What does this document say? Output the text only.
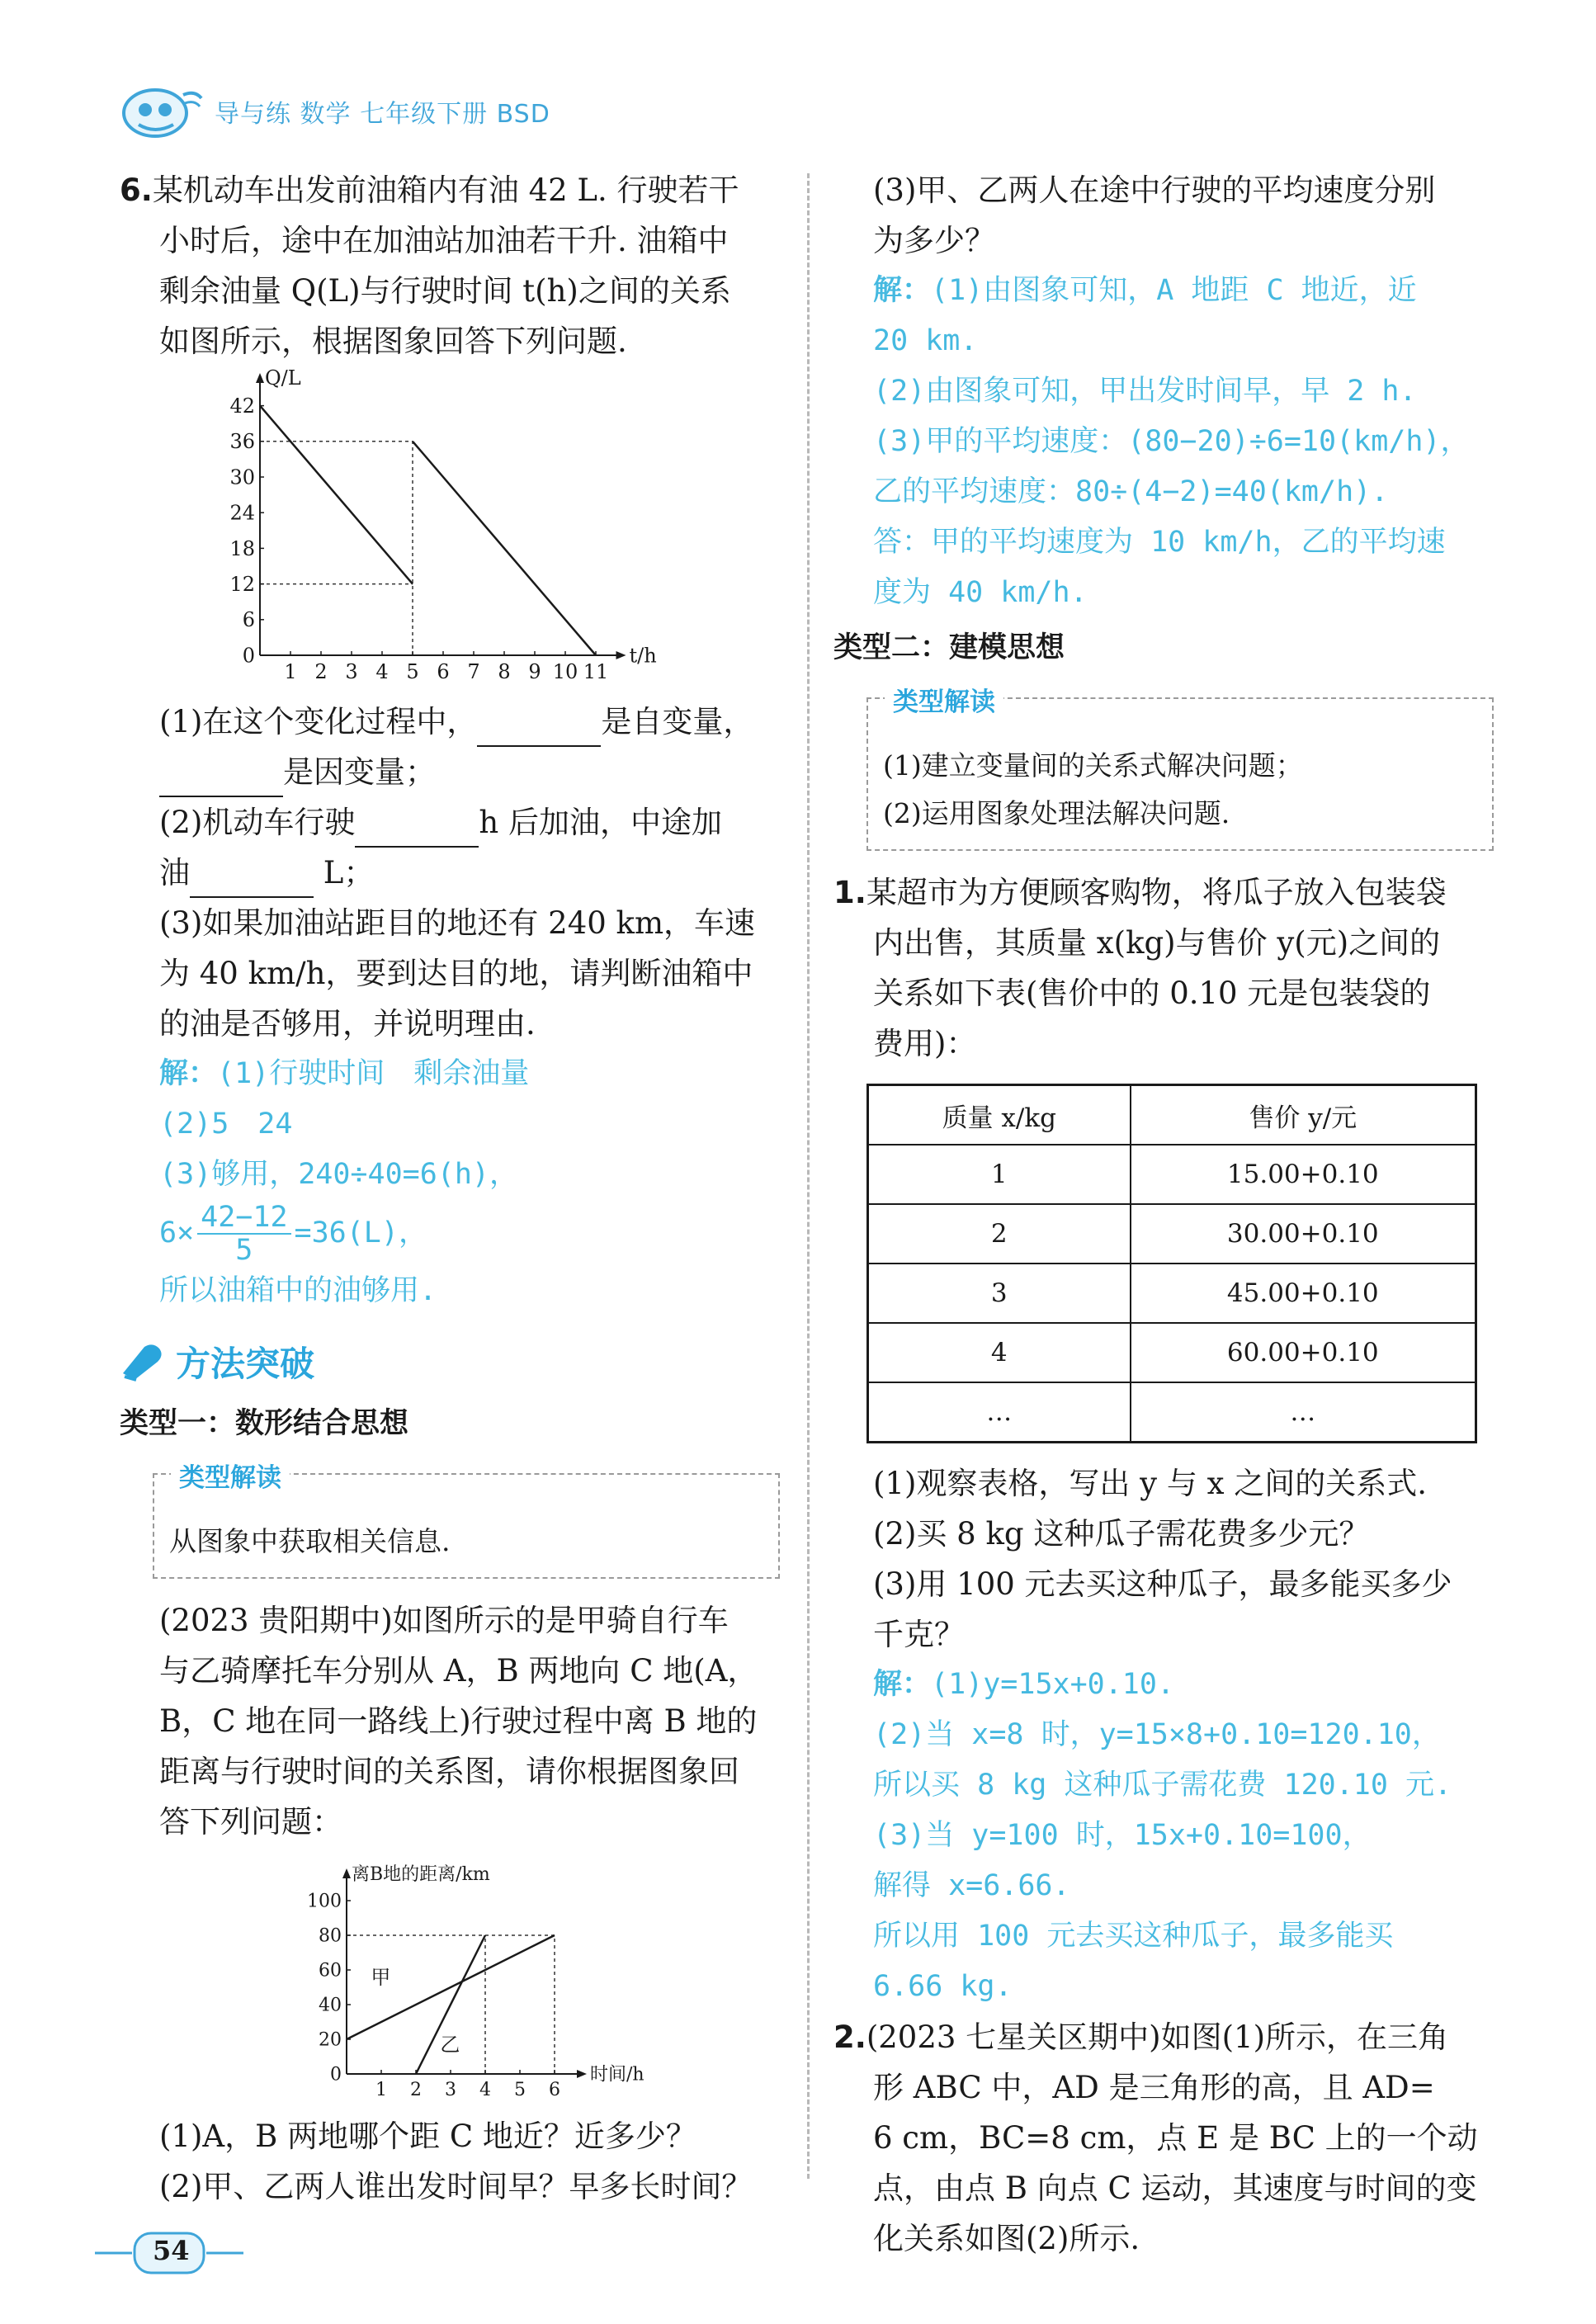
导与练 数学 七年级下册 BSD

6.某机动车出发前油箱内有油 42 L. 行驶若干

小时后，途中在加油站加油若干升. 油箱中

剩余油量 Q(L)与行驶时间 t(h)之间的关系

如图所示，根据图象回答下列问题.

1 2 3 4 5 6 7 8 9 10 11
6
12
18
24
30
36
42
0	t/h
Q/L

(1)在这个变化过程中，	是自变量，

是因变量；

(2)机动车行驶	h 后加油，中途加

油	L；

(3)如果加油站距目的地还有 240 km，车速

为 40 km/h，要到达目的地，请判断油箱中

的油是否够用，并说明理由.

解：(1)行驶时间　剩余油量

(2)5　24

(3)够用，240÷40=6(h)，

$6\times \frac{42-12}{5} =36(L)$，

所以油箱中的油够用.

方法突破
类型一：数形结合思想
类型解读

从图象中获取相关信息.

(2023 贵阳期中)如图所示的是甲骑自行车

与乙骑摩托车分别从 A，B 两地向 C 地(A，

B，C 地在同一路线上)行驶过程中离 B 地的

距离与行驶时间的关系图，请你根据图象回

答下列问题：

1 2 3 4 5 6
20
40
60
80
100
0	时间/h
离B地的距离/km
甲
乙

(1)A，B 两地哪个距 C 地近？近多少？

(2)甲、乙两人谁出发时间早？早多长时间？

(3)甲、乙两人在途中行驶的平均速度分别

为多少？

解：(1)由图象可知，A 地距 C 地近，近

20 km.

(2)由图象可知，甲出发时间早，早 2 h.

(3)甲的平均速度：(80−20)÷6=10(km/h)，

乙的平均速度：80÷(4−2)=40(km/h).

答：甲的平均速度为 10 km/h，乙的平均速

度为 40 km/h.

类型二：建模思想
类型解读

(1)建立变量间的关系式解决问题；

(2)运用图象处理法解决问题.

1.某超市为方便顾客购物，将瓜子放入包装袋

内出售，其质量 x(kg)与售价 y(元)之间的

关系如下表(售价中的 0.10 元是包装袋的

费用)：

质量 x/kg	售价 y/元
1	15.00+0.10
2	30.00+0.10
3	45.00+0.10
4	60.00+0.10
…	…

(1)观察表格，写出 y 与 x 之间的关系式.

(2)买 8 kg 这种瓜子需花费多少元？

(3)用 100 元去买这种瓜子，最多能买多少

千克？

解：(1)y=15x+0.10.

(2)当 x=8 时，y=15×8+0.10=120.10，

所以买 8 kg 这种瓜子需花费 120.10 元.

(3)当 y=100 时，15x+0.10=100，

解得 x=6.66.

所以用 100 元去买这种瓜子，最多能买

6.66 kg.

2.(2023 七星关区期中)如图(1)所示，在三角

形 ABC 中，AD 是三角形的高，且 AD=

6 cm，BC=8 cm，点 E 是 BC 上的一个动

点，由点 B 向点 C 运动，其速度与时间的变

化关系如图(2)所示.

54
